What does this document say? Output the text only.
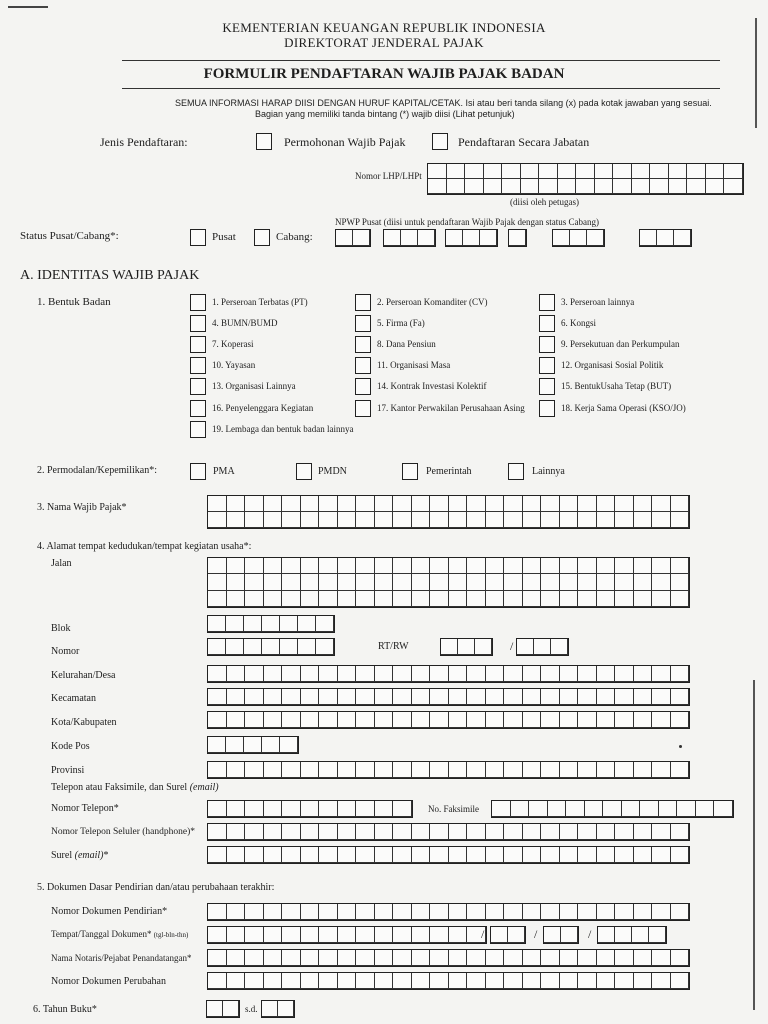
KEMENTERIAN KEUANGAN REPUBLIK INDONESIA
DIREKTORAT JENDERAL PAJAK
FORMULIR PENDAFTARAN WAJIB PAJAK BADAN
SEMUA INFORMASI HARAP DIISI DENGAN HURUF KAPITAL/CETAK. Isi atau beri tanda silang (x) pada kotak jawaban yang sesuai.
Bagian yang memiliki tanda bintang (*) wajib diisi (Lihat petunjuk)
Jenis Pendaftaran:	Permohonan Wajib Pajak	Pendaftaran Secara Jabatan
Nomor LHP/LHPt
(diisi oleh petugas)
NPWP Pusat (diisi untuk pendaftaran Wajib Pajak dengan status Cabang)
Status Pusat/Cabang*:	Pusat	Cabang:
A. IDENTITAS WAJIB PAJAK
1. Bentuk Badan	1. Perseroan Terbatas (PT)	2. Perseroan Komanditer (CV)	3. Perseroan lainnya
4. BUMN/BUMD	5. Firma (Fa)	6. Kongsi
7. Koperasi	8. Dana Pensiun	9. Persekutuan dan Perkumpulan
10. Yayasan	11. Organisasi Masa	12. Organisasi Sosial Politik
13. Organisasi Lainnya	14. Kontrak Investasi Kolektif	15. BentukUsaha Tetap (BUT)
16. Penyelenggara Kegiatan	17. Kantor Perwakilan Perusahaan Asing	18. Kerja Sama Operasi (KSO/JO)
19. Lembaga dan bentuk badan lainnya
2. Permodalan/Kepemilikan*:	PMA	PMDN	Pemerintah	Lainnya
3. Nama Wajib Pajak*
4. Alamat tempat kedudukan/tempat kegiatan usaha*:
Jalan
Blok
Nomor	RT/RW	/
Kelurahan/Desa
Kecamatan
Kota/Kabupaten
Kode Pos
Provinsi
Telepon atau Faksimile, dan Surel (email)
Nomor Telepon*	No. Faksimile
Nomor Telepon Seluler (handphone)*
Surel (email)*
5. Dokumen Dasar Pendirian dan/atau perubahaan terakhir:
Nomor Dokumen Pendirian*
Tempat/Tanggal Dokumen* (tgl-bln-thn)	/	/	/
Nama Notaris/Pejabat Penandatangan*
Nomor Dokumen Perubahan
6. Tahun Buku*	s.d.
